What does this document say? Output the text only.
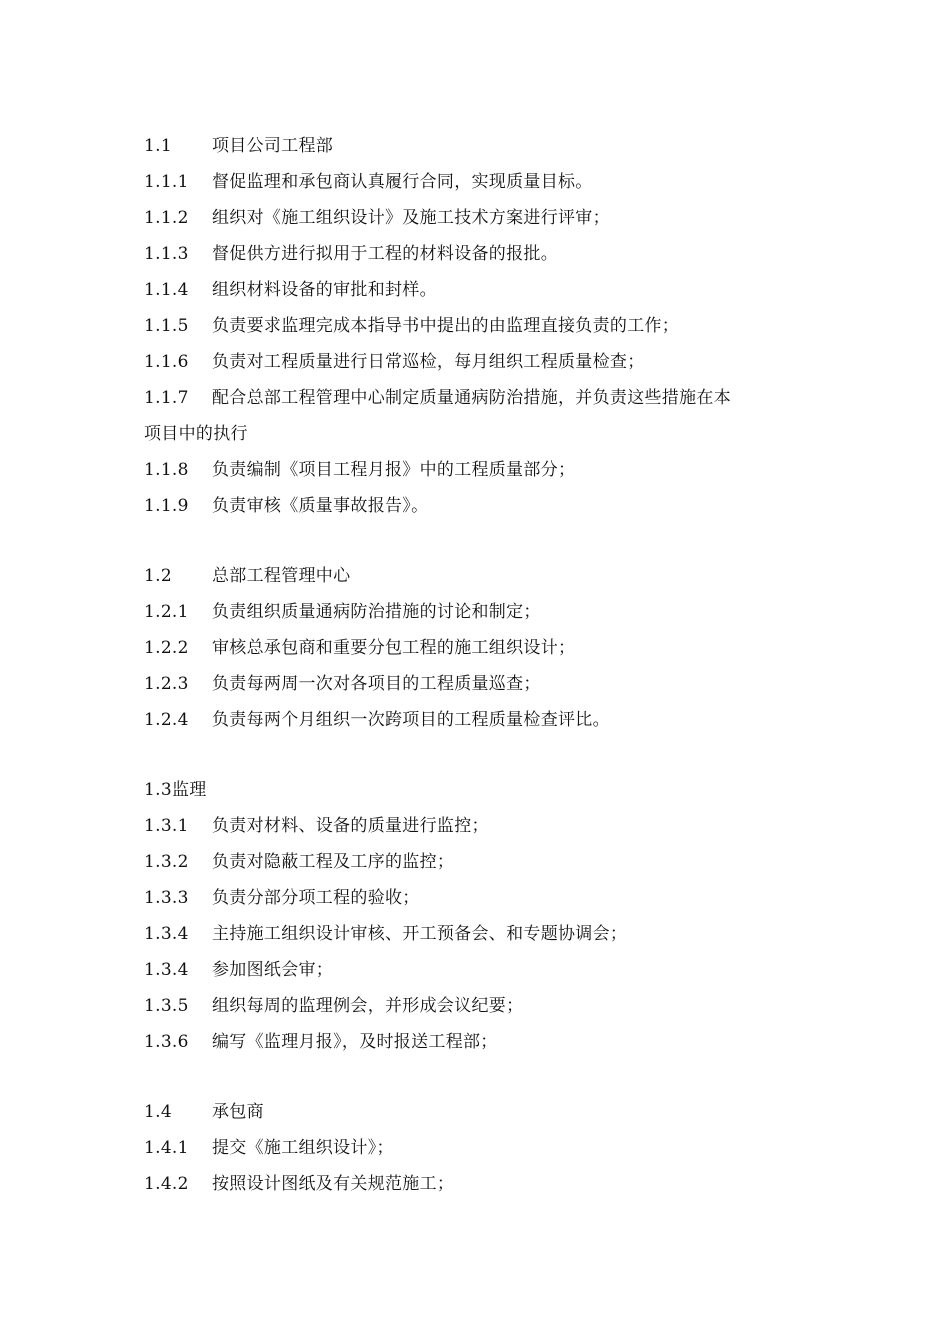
1.1	项目公司工程部
1.1.1	督促监理和承包商认真履行合同，实现质量目标。
1.1.2	组织对《施工组织设计》及施工技术方案进行评审；
1.1.3	督促供方进行拟用于工程的材料设备的报批。
1.1.4	组织材料设备的审批和封样。
1.1.5	负责要求监理完成本指导书中提出的由监理直接负责的工作；
1.1.6	负责对工程质量进行日常巡检，每月组织工程质量检查；
1.1.7	配合总部工程管理中心制定质量通病防治措施，并负责这些措施在本
项目中的执行
1.1.8	负责编制《项目工程月报》中的工程质量部分；
1.1.9	负责审核《质量事故报告》。
1.2	总部工程管理中心
1.2.1	负责组织质量通病防治措施的讨论和制定；
1.2.2	审核总承包商和重要分包工程的施工组织设计；
1.2.3	负责每两周一次对各项目的工程质量巡查；
1.2.4	负责每两个月组织一次跨项目的工程质量检查评比。
1.3 监理
1.3.1	负责对材料、设备的质量进行监控；
1.3.2	负责对隐蔽工程及工序的监控；
1.3.3	负责分部分项工程的验收；
1.3.4	主持施工组织设计审核、开工预备会、和专题协调会；
1.3.4	参加图纸会审；
1.3.5	组织每周的监理例会，并形成会议纪要；
1.3.6	编写《监理月报》，及时报送工程部；
1.4	承包商
1.4.1	提交《施工组织设计》；
1.4.2	按照设计图纸及有关规范施工；
